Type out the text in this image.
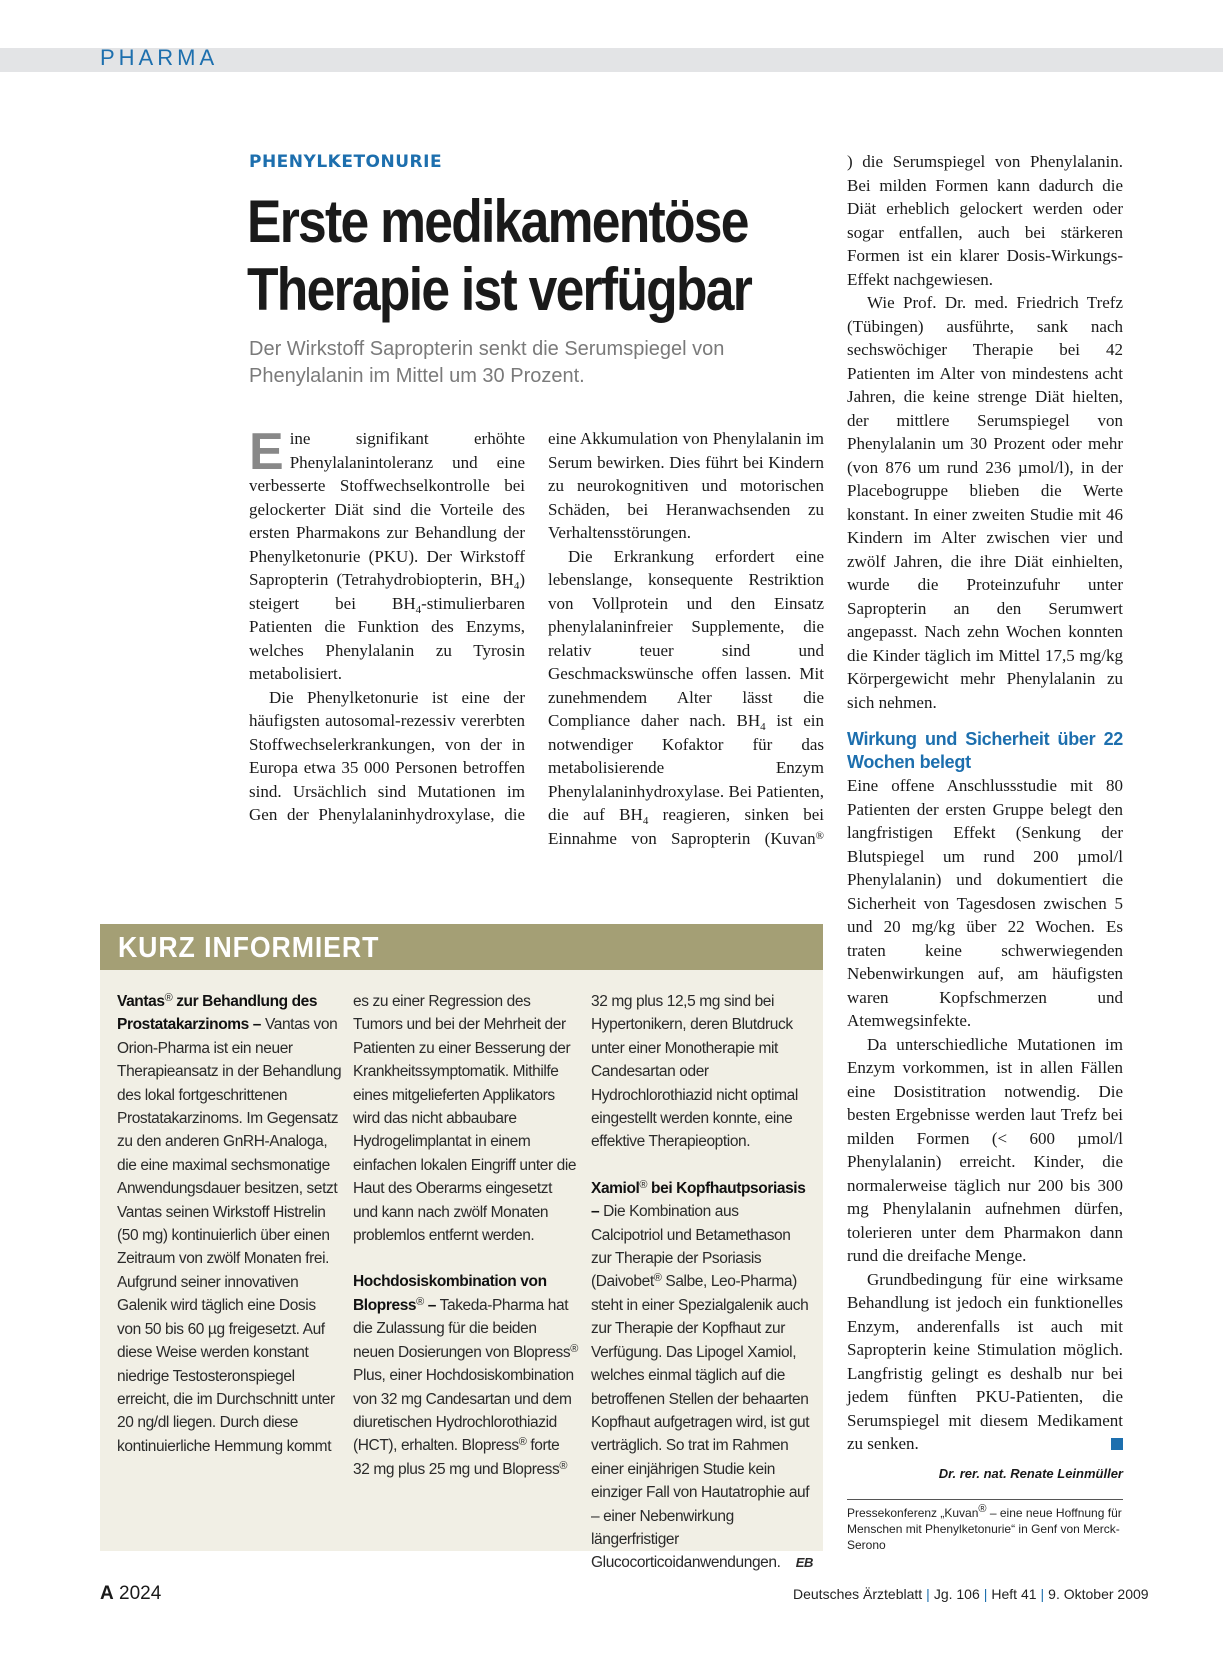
PHARMA
PHENYLKETONURIE
Erste medikamentöse
Therapie ist verfügbar
Der Wirkstoff Sapropterin senkt die Serumspiegel von Phenylalanin im Mittel um 30 Prozent.

Eine signifikant erhöhte Phenylalanintoleranz und eine verbesserte Stoffwechselkontrolle bei gelockerter Diät sind die Vorteile des ersten Pharmakons zur Behandlung der Phenylketonurie (PKU). Der Wirkstoff Sapropterin (Tetrahydrobiopterin, $BH_4$) steigert bei $BH_4$-stimulierbaren Patienten die Funktion des Enzyms, welches Phenylalanin zu Tyrosin metabolisiert.

Die Phenylketonurie ist eine der häufigsten autosomal-rezessiv vererbten Stoffwechselerkrankungen, von der in Europa etwa 35 000 Personen betroffen sind. Ursächlich sind Mutationen im Gen der Phenylalaninhydroxylase, die

eine Akkumulation von Phenylalanin im Serum bewirken. Dies führt bei Kindern zu neurokognitiven und motorischen Schäden, bei Heranwachsenden zu Verhaltensstörungen.

Die Erkrankung erfordert eine lebenslange, konsequente Restriktion von Vollprotein und den Einsatz phenylalaninfreier Supplemente, die relativ teuer sind und Geschmackswünsche offen lassen. Mit zunehmendem Alter lässt die Compliance daher nach. $BH_4$ ist ein notwendiger Kofaktor für das metabolisierende Enzym Phenylalaninhydroxylase. Bei Patienten, die auf $BH_4$ reagieren, sinken bei Einnahme von Sapropterin (Kuvan®

) die Serumspiegel von Phenylalanin. Bei milden Formen kann dadurch die Diät erheblich gelockert werden oder sogar entfallen, auch bei stärkeren Formen ist ein klarer Dosis-Wirkungs-Effekt nachgewiesen.

Wie Prof. Dr. med. Friedrich Trefz (Tübingen) ausführte, sank nach sechswöchiger Therapie bei 42 Patienten im Alter von mindestens acht Jahren, die keine strenge Diät hielten, der mittlere Serumspiegel von Phenylalanin um 30 Prozent oder mehr (von 876 um rund 236 µmol/l), in der Placebogruppe blieben die Werte konstant. In einer zweiten Studie mit 46 Kindern im Alter zwischen vier und zwölf Jahren, die ihre Diät einhielten, wurde die Proteinzufuhr unter Sapropterin an den Serumwert angepasst. Nach zehn Wochen konnten die Kinder täglich im Mittel 17,5 mg/kg Körpergewicht mehr Phenylalanin zu sich nehmen.

Wirkung und Sicherheit über 22 Wochen belegt

Eine offene Anschlussstudie mit 80 Patienten der ersten Gruppe belegt den langfristigen Effekt (Senkung der Blutspiegel um rund 200 µmol/l Phenylalanin) und dokumentiert die Sicherheit von Tagesdosen zwischen 5 und 20 mg/kg über 22 Wochen. Es traten keine schwerwiegenden Nebenwirkungen auf, am häufigsten waren Kopfschmerzen und Atemwegsinfekte.

Da unterschiedliche Mutationen im Enzym vorkommen, ist in allen Fällen eine Dosistitration notwendig. Die besten Ergebnisse werden laut Trefz bei milden Formen (< 600 µmol/l Phenylalanin) erreicht. Kinder, die normalerweise täglich nur 200 bis 300 mg Phenylalanin aufnehmen dürfen, tolerieren unter dem Pharmakon dann rund die dreifache Menge.

Grundbedingung für eine wirksame Behandlung ist jedoch ein funktionelles Enzym, anderenfalls ist auch mit Sapropterin keine Stimulation möglich. Langfristig gelingt es deshalb nur bei jedem fünften PKU-Patienten, die Serumspiegel mit diesem Medikament zu senken.

Dr. rer. nat. Renate Leinmüller
Pressekonferenz „Kuvan® – eine neue Hoffnung für Menschen mit Phenylketonurie“ in Genf von Merck-Serono
KURZ INFORMIERT

Vantas® zur Behandlung des Prostatakarzinoms – Vantas von Orion-Pharma ist ein neuer Therapieansatz in der Behandlung des lokal fortgeschrittenen Prostatakarzinoms. Im Gegensatz zu den anderen GnRH-Analoga, die eine maximal sechsmonatige Anwendungsdauer besitzen, setzt Vantas seinen Wirkstoff Histrelin (50 mg) kontinuierlich über einen Zeitraum von zwölf Monaten frei. Aufgrund seiner innovativen Galenik wird täglich eine Dosis von 50 bis 60 µg freigesetzt. Auf diese Weise werden konstant niedrige Testosteronspiegel erreicht, die im Durchschnitt unter 20 ng/dl liegen. Durch diese kontinuierliche Hemmung kommt

es zu einer Regression des Tumors und bei der Mehrheit der Patienten zu einer Besserung der Krankheitssymptomatik. Mithilfe eines mitgelieferten Applikators wird das nicht abbaubare Hydrogelimplantat in einem einfachen lokalen Eingriff unter die Haut des Oberarms eingesetzt und kann nach zwölf Monaten problemlos entfernt werden.

Hochdosiskombination von Blopress® – Takeda-Pharma hat die Zulassung für die beiden neuen Dosierungen von Blopress® Plus, einer Hochdosiskombination von 32 mg Candesartan und dem diuretischen Hydrochlorothiazid (HCT), erhalten. Blopress® forte 32 mg plus 25 mg und Blopress®

32 mg plus 12,5 mg sind bei Hypertonikern, deren Blutdruck unter einer Monotherapie mit Candesartan oder Hydrochlorothiazid nicht optimal eingestellt werden konnte, eine effektive Therapieoption.

Xamiol® bei Kopfhautpsoriasis – Die Kombination aus Calcipotriol und Betamethason zur Therapie der Psoriasis (Daivobet® Salbe, Leo-Pharma) steht in einer Spezialgalenik auch zur Therapie der Kopfhaut zur Verfügung. Das Lipogel Xamiol, welches einmal täglich auf die betroffenen Stellen der behaarten Kopfhaut aufgetragen wird, ist gut verträglich. So trat im Rahmen einer einjährigen Studie kein einziger Fall von Hautatrophie auf – einer Nebenwirkung längerfristiger Glucocorticoidanwendungen. EB

A 2024	Deutsches Ärzteblatt | Jg. 106 | Heft 41 | 9. Oktober 2009
